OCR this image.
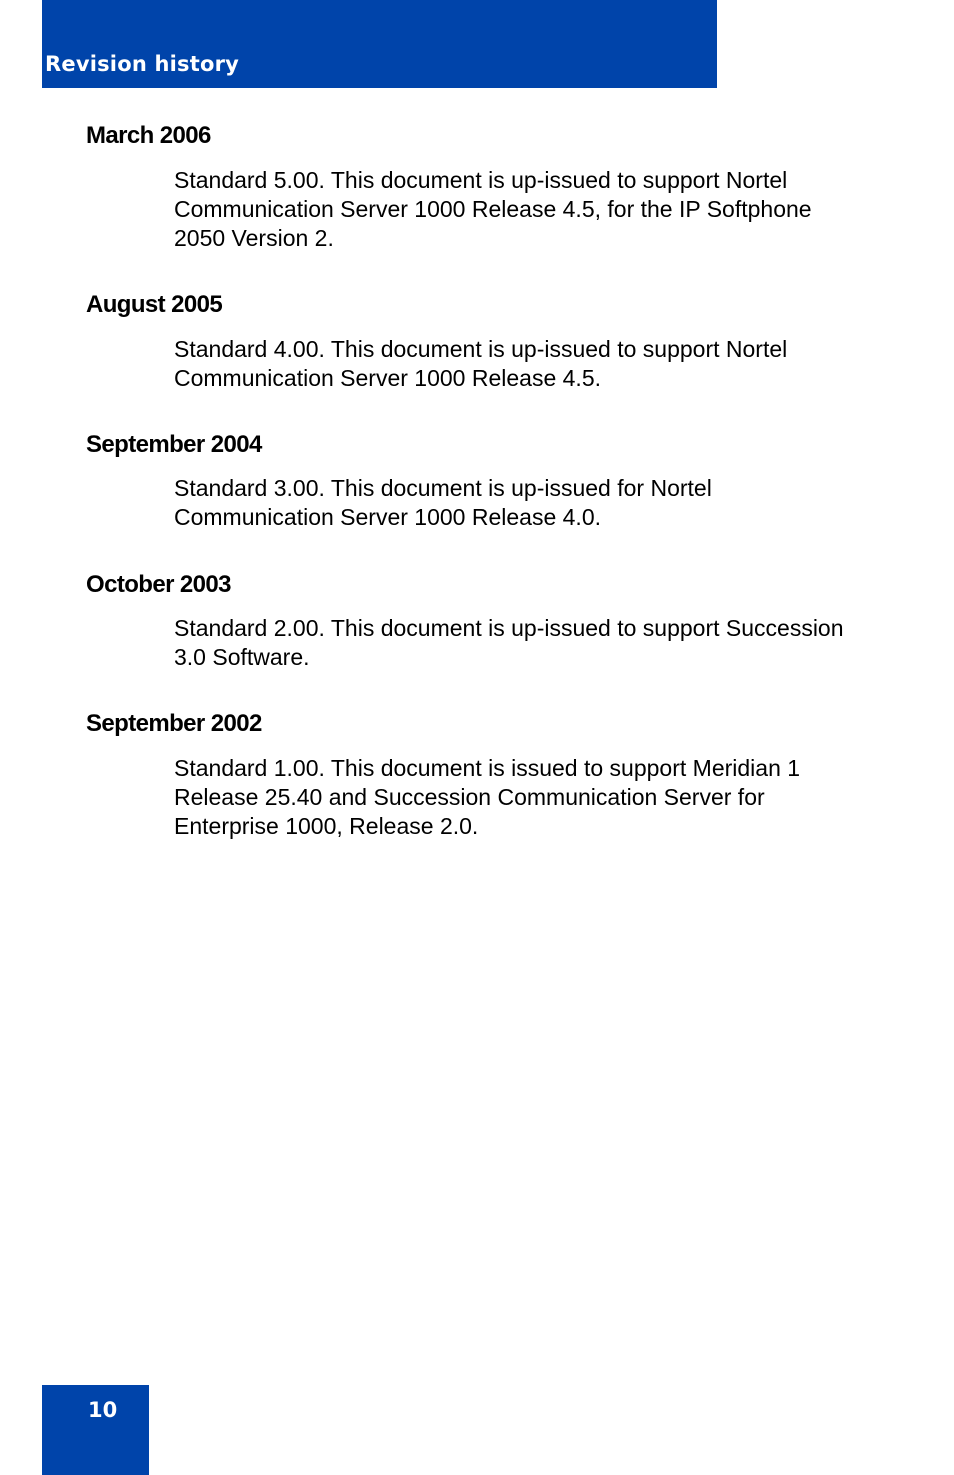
Revision history
March 2006

Standard 5.00. This document is up-issued to support Nortel Communication Server 1000 Release 4.5, for the IP Softphone 2050 Version 2.

August 2005

Standard 4.00. This document is up-issued to support Nortel Communication Server 1000 Release 4.5.

September 2004

Standard 3.00. This document is up-issued for Nortel Communication Server 1000 Release 4.0.

October 2003

Standard 2.00. This document is up-issued to support Succession 3.0 Software.

September 2002

Standard 1.00. This document is issued to support Meridian 1 Release 25.40 and Succession Communication Server for Enterprise 1000, Release 2.0.

10
